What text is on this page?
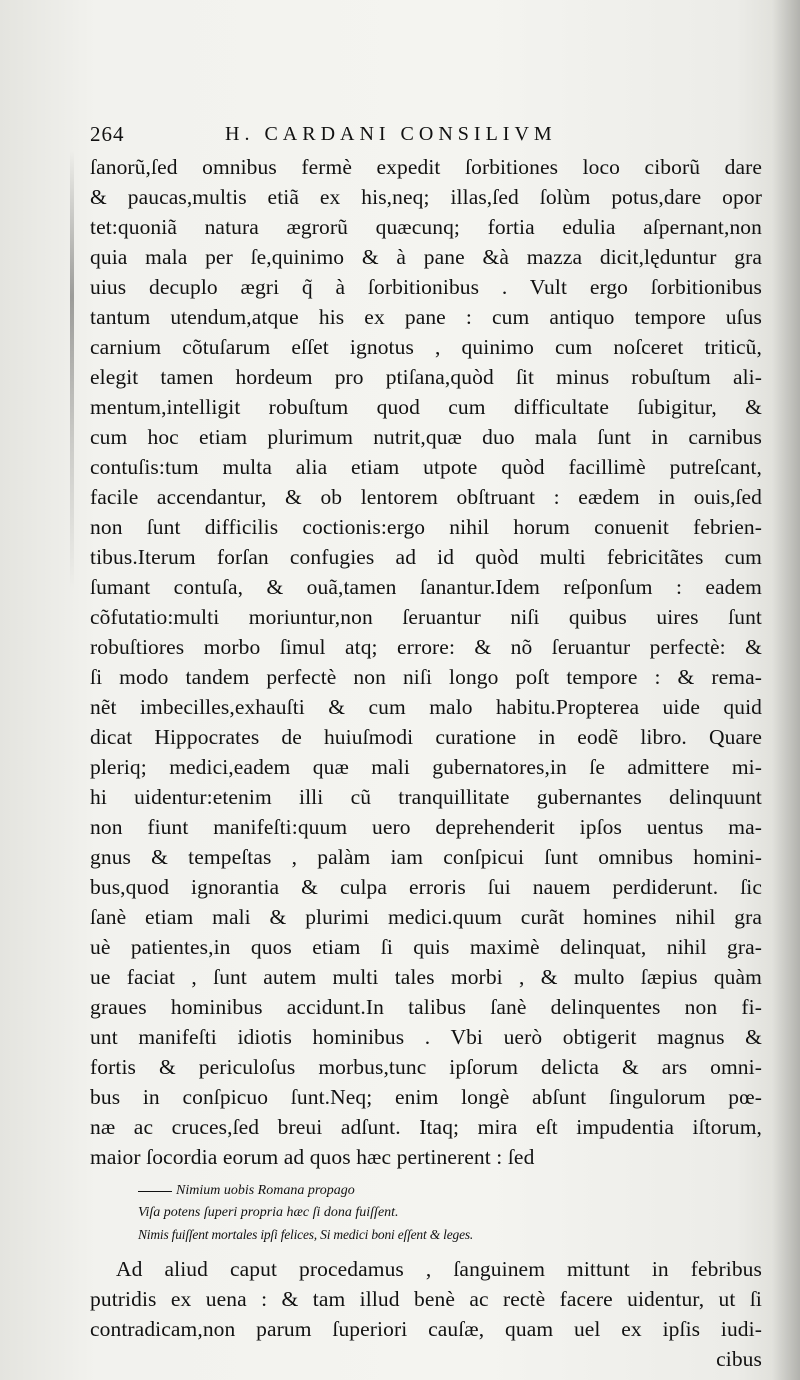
264	H. CARDANI CONSILIVM
ſanorũ,ſed omnibus fermè expedit ſorbitiones loco ciborũ dare
& paucas,multis etiã ex his,neq; illas,ſed ſolùm potus,dare opor
tet:quoniã natura ægrorũ quæcunq; fortia edulia aſpernant,non
quia mala per ſe,quinimo & à pane &à mazza dicit,lęduntur gra
uius decuplo ægri q̃ à ſorbitionibus . Vult ergo ſorbitionibus
tantum utendum,atque his ex pane : cum antiquo tempore uſus
carnium cõtuſarum eſſet ignotus , quinimo cum noſceret triticũ,
elegit tamen hordeum pro ptiſana,quòd ſit minus robuſtum ali-
mentum,intelligit robuſtum quod cum difficultate ſubigitur, &
cum hoc etiam plurimum nutrit,quæ duo mala ſunt in carnibus
contuſis:tum multa alia etiam utpote quòd facillimè putreſcant,
facile accendantur, & ob lentorem obſtruant : eædem in ouis,ſed
non ſunt difficilis coctionis:ergo nihil horum conuenit febrien-
tibus.Iterum forſan confugies ad id quòd multi febricitãtes cum
ſumant contuſa, & ouã,tamen ſanantur.Idem reſponſum : eadem
cõfutatio:multi moriuntur,non ſeruantur niſi quibus uires ſunt
robuſtiores morbo ſimul atq; errore: & nõ ſeruantur perfectè: &
ſi modo tandem perfectè non niſi longo poſt tempore : & rema-
nẽt imbecilles,exhauſti & cum malo habitu.Propterea uide quid
dicat Hippocrates de huiuſmodi curatione in eodẽ libro. Quare
pleriq; medici,eadem quæ mali gubernatores,in ſe admittere mi-
hi uidentur:etenim illi cũ tranquillitate gubernantes delinquunt
non fiunt manifeſti:quum uero deprehenderit ipſos uentus ma-
gnus & tempeſtas , palàm iam conſpicui ſunt omnibus homini-
bus,quod ignorantia & culpa erroris ſui nauem perdiderunt. ſic
ſanè etiam mali & plurimi medici.quum curãt homines nihil gra
uè patientes,in quos etiam ſi quis maximè delinquat, nihil gra-
ue faciat , ſunt autem multi tales morbi , & multo ſæpius quàm
graues hominibus accidunt.In talibus ſanè delinquentes non fi-
unt manifeſti idiotis hominibus . Vbi uerò obtigerit magnus &
fortis & periculoſus morbus,tunc ipſorum delicta & ars omni-
bus in conſpicuo ſunt.Neq; enim longè abſunt ſingulorum pœ-
næ ac cruces,ſed breui adſunt. Itaq; mira eſt impudentia iſtorum,
maior ſocordia eorum ad quos hæc pertinerent : ſed
Nimium uobis Romana propago
Viſa potens ſuperi propria hæc ſi dona fuiſſent.
Nimis fuiſſent mortales ipſi felices, Si medici boni eſſent & leges.
Ad aliud caput procedamus , ſanguinem mittunt in febribus
putridis ex uena : & tam illud benè ac rectè facere uidentur, ut ſi
contradicam,non parum ſuperiori cauſæ, quam uel ex ipſis iudi-
cibus
